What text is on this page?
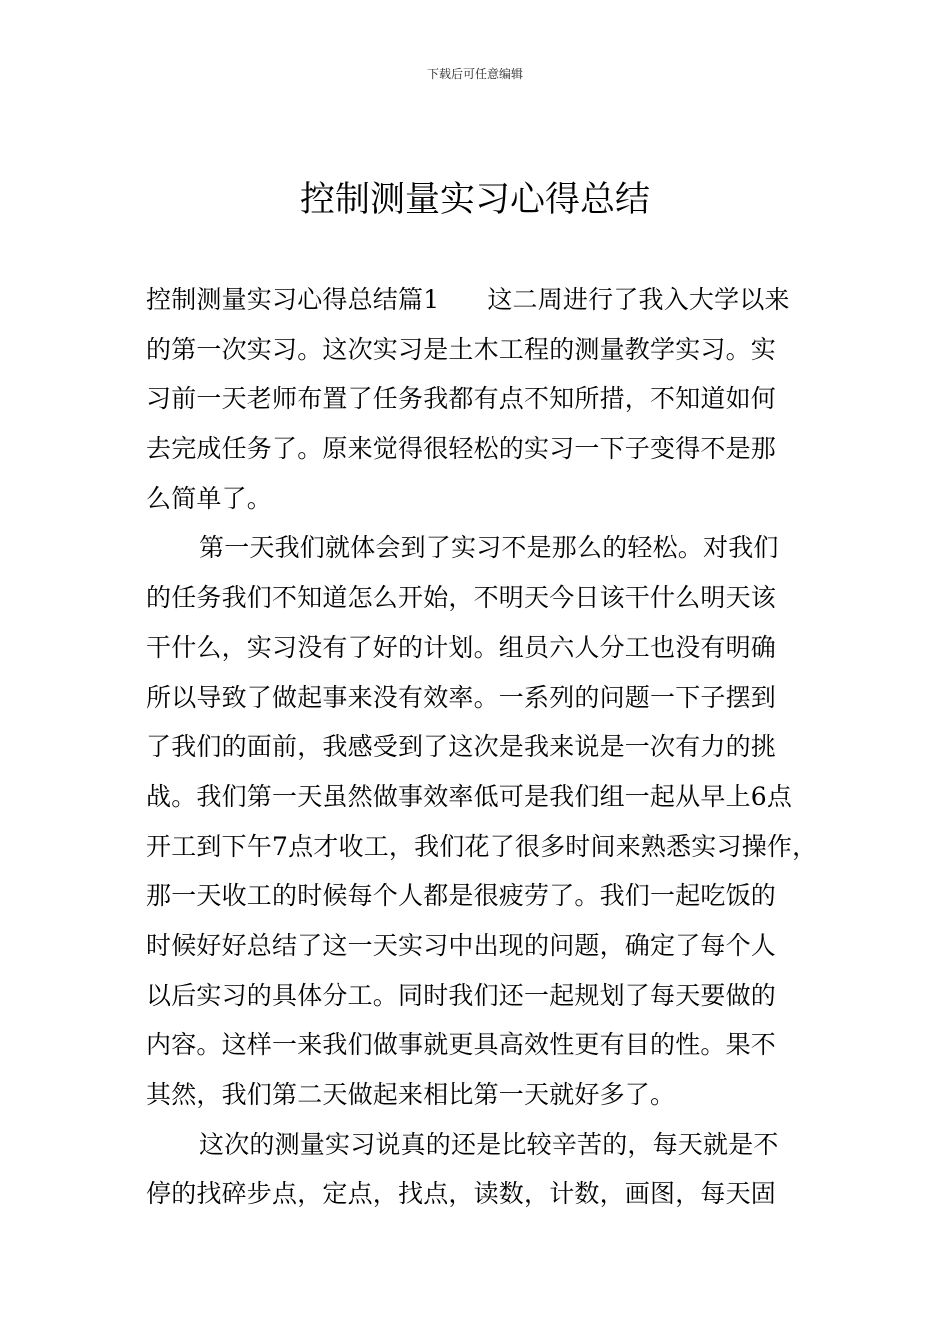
下载后可任意编辑
控制测量实习心得总结
控制测量实习心得总结篇1 这二周进行了我入大学以来
的第一次实习。这次实习是土木工程的测量教学实习。实
习前一天老师布置了任务我都有点不知所措，不知道如何
去完成任务了。原来觉得很轻松的实习一下子变得不是那
么简单了。
第一天我们就体会到了实习不是那么的轻松。对我们
的任务我们不知道怎么开始，不明天今日该干什么明天该
干什么，实习没有了好的计划。组员六人分工也没有明确
所以导致了做起事来没有效率。一系列的问题一下子摆到
了我们的面前，我感受到了这次是我来说是一次有力的挑
战。我们第一天虽然做事效率低可是我们组一起从早上6点
开工到下午7点才收工，我们花了很多时间来熟悉实习操作，
那一天收工的时候每个人都是很疲劳了。我们一起吃饭的
时候好好总结了这一天实习中出现的问题，确定了每个人
以后实习的具体分工。同时我们还一起规划了每天要做的
内容。这样一来我们做事就更具高效性更有目的性。果不
其然，我们第二天做起来相比第一天就好多了。
这次的测量实习说真的还是比较辛苦的，每天就是不
停的找碎步点，定点，找点，读数，计数，画图，每天固
